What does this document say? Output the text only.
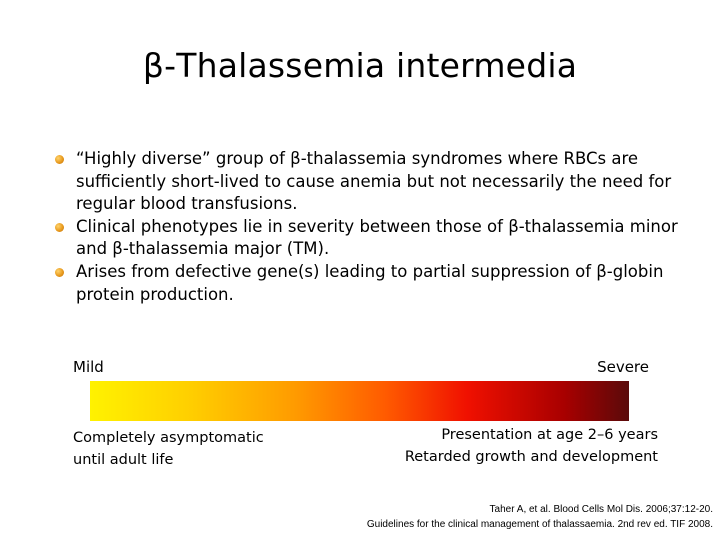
β-Thalassemia intermedia
“Highly diverse” group of β-thalassemia syndromes where RBCs are sufficiently short-lived to cause anemia but not necessarily the need for regular blood transfusions.
Clinical phenotypes lie in severity between those of β-thalassemia minor and β-thalassemia major (TM).
Arises from defective gene(s) leading to partial suppression of β-globin protein production.
Mild	Severe
Completely asymptomatic
until adult life
Presentation at age 2–6 years
Retarded growth and development
Taher A, et al. Blood Cells Mol Dis. 2006;37:12-20.
Guidelines for the clinical management of thalassaemia. 2nd rev ed. TIF 2008.
